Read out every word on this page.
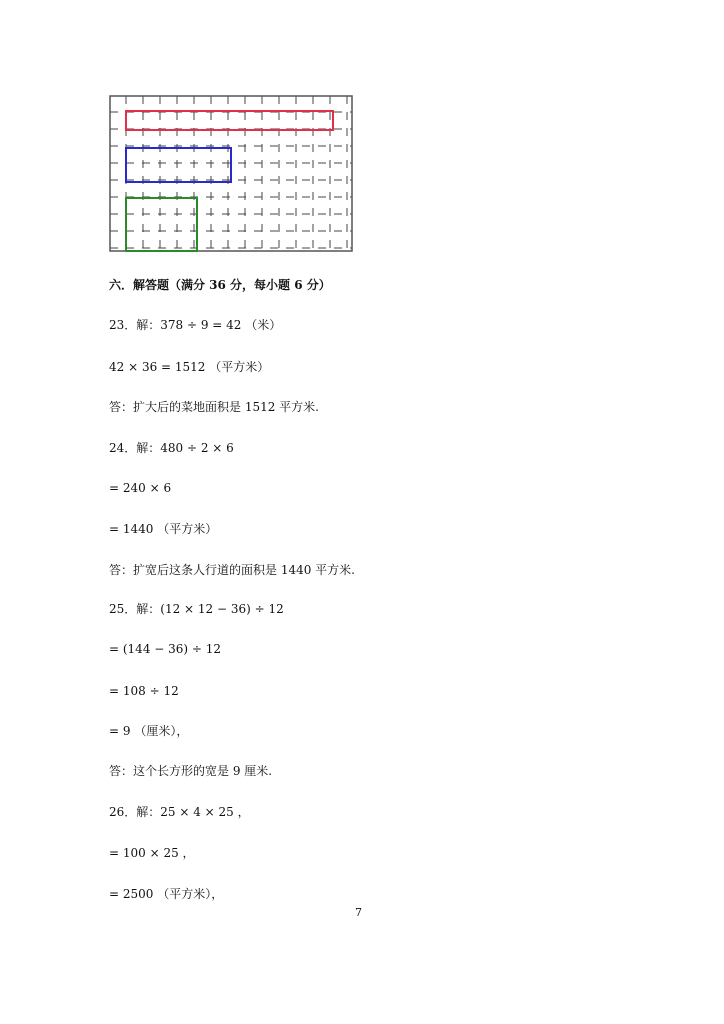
六．解答题（满分 36 分，每小题 6 分）
23．解：378 ÷ 9 = 42 （米）
42 × 36 = 1512 （平方米）
答：扩大后的菜地面积是 1512 平方米.
24．解：480 ÷ 2 × 6
= 240 × 6
= 1440 （平方米）
答：扩宽后这条人行道的面积是 1440 平方米.
25．解：(12 × 12 − 36) ÷ 12
= (144 − 36) ÷ 12
= 108 ÷ 12
= 9 （厘米），
答：这个长方形的宽是 9 厘米.
26．解：25 × 4 × 25 ，
= 100 × 25 ，
= 2500 （平方米），
7
